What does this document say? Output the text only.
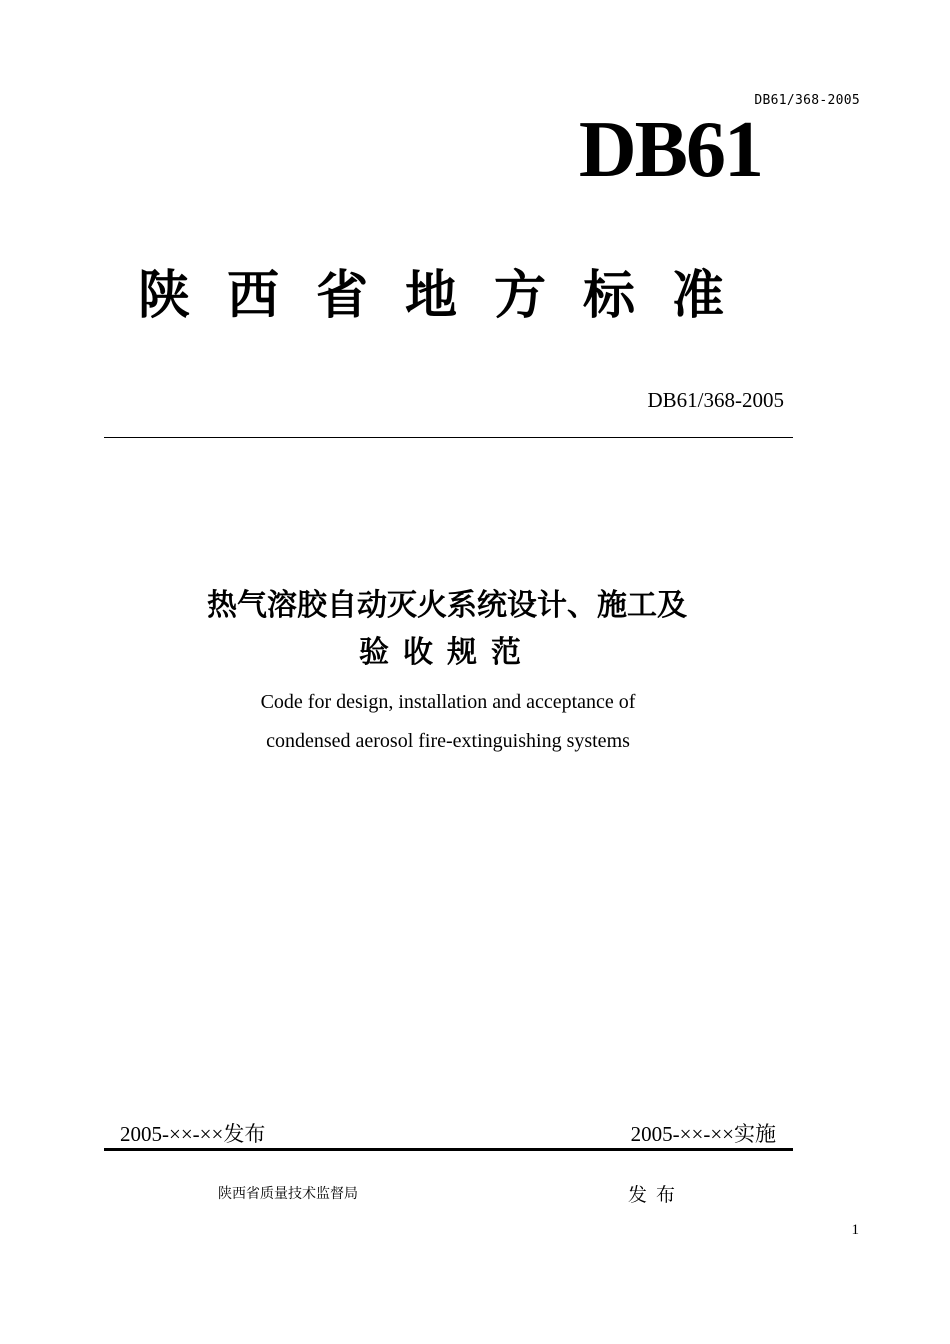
DB61/368-2005
DB61
陕西省地方标准
DB61/368-2005
热气溶胶自动灭火系统设计、施工及
验收规范
Code for design, installation and acceptance of
condensed aerosol fire-extinguishing systems
2005-××-××发布	2005-××-××实施
陕西省质量技术监督局	发布
1
